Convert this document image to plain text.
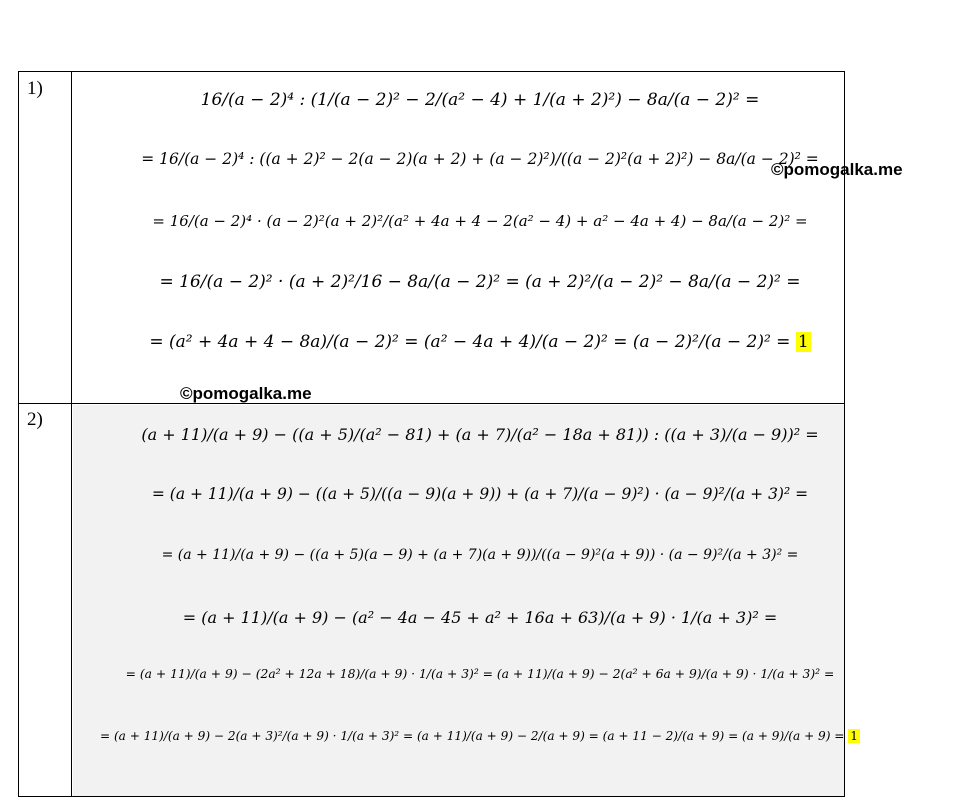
1)
2)
©pomogalka.me
©pomogalka.me
16/(a − 2)⁴ : (1/(a − 2)² − 2/(a² − 4) + 1/(a + 2)²) − 8a/(a − 2)² =
= 16/(a − 2)⁴ : ((a + 2)² − 2(a − 2)(a + 2) + (a − 2)²)/((a − 2)²(a + 2)²) − 8a/(a − 2)² =
= 16/(a − 2)⁴ · (a − 2)²(a + 2)²/(a² + 4a + 4 − 2(a² − 4) + a² − 4a + 4) − 8a/(a − 2)² =
= 16/(a − 2)² · (a + 2)²/16 − 8a/(a − 2)² = (a + 2)²/(a − 2)² − 8a/(a − 2)² =
= (a² + 4a + 4 − 8a)/(a − 2)² = (a² − 4a + 4)/(a − 2)² = (a − 2)²/(a − 2)² =
1
(a + 11)/(a + 9) − ((a + 5)/(a² − 81) + (a + 7)/(a² − 18a + 81)) : ((a + 3)/(a − 9))² =
= (a + 11)/(a + 9) − ((a + 5)/((a − 9)(a + 9)) + (a + 7)/(a − 9)²) · (a − 9)²/(a + 3)² =
= (a + 11)/(a + 9) − ((a + 5)(a − 9) + (a + 7)(a + 9))/((a − 9)²(a + 9)) · (a − 9)²/(a + 3)² =
= (a + 11)/(a + 9) − (a² − 4a − 45 + a² + 16a + 63)/(a + 9) · 1/(a + 3)² =
= (a + 11)/(a + 9) − (2a² + 12a + 18)/(a + 9) · 1/(a + 3)² = (a + 11)/(a + 9) − 2(a² + 6a + 9)/(a + 9) · 1/(a + 3)² =
= (a + 11)/(a + 9) − 2(a + 3)²/(a + 9) · 1/(a + 3)² = (a + 11)/(a + 9) − 2/(a + 9) = (a + 11 − 2)/(a + 9) = (a + 9)/(a + 9) =
1
